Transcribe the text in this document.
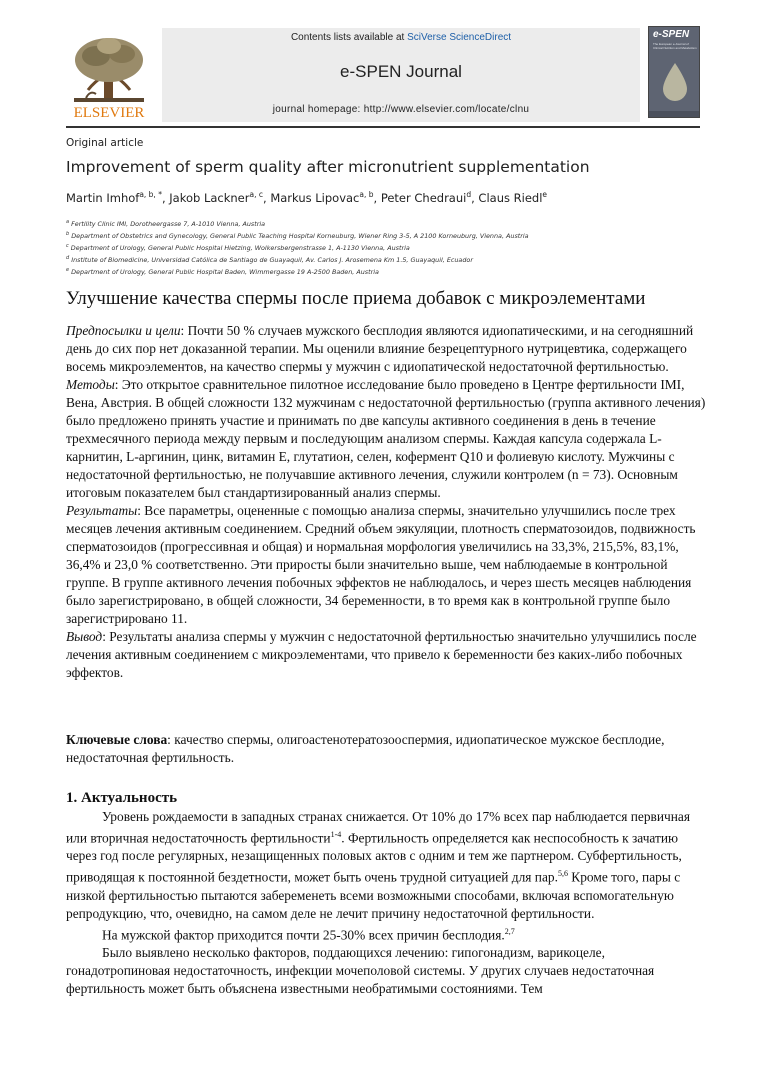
ELSEVIER
Contents lists available at SciVerse ScienceDirect
e-SPEN Journal
journal homepage: http://www.elsevier.com/locate/clnu
e-SPEN
The European e-Journal of Clinical Nutrition and Metabolism
Original article
Improvement of sperm quality after micronutrient supplementation
Martin Imhof$^{a, b, *}$, Jakob Lackner$^{a, c}$, Markus Lipovac$^{a, b}$, Peter Chedraui$^d$, Claus Riedl$^e$
$^a$ Fertility Clinic IMI, Dorotheergasse 7, A-1010 Vienna, Austria
$^b$ Department of Obstetrics and Gynecology, General Public Teaching Hospital Korneuburg, Wiener Ring 3-5, A 2100 Korneuburg, Vienna, Austria
$^c$ Department of Urology, General Public Hospital Hietzing, Wolkersbergenstrasse 1, A-1130 Vienna, Austria
$^d$ Institute of Biomedicine, Universidad Católica de Santiago de Guayaquil, Av. Carlos J. Arosemena Km 1.5, Guayaquil, Ecuador
$^e$ Department of Urology, General Public Hospital Baden, Wimmergasse 19 A-2500 Baden, Austria
Улучшение качества спермы после приема добавок с микроэлементами
Предпосылки и цели: Почти 50 % случаев мужского бесплодия являются идиопатическими, и на сегодняшний день до сих пор нет доказанной терапии. Мы оценили влияние безрецептурного нутрицевтика, содержащего восемь микроэлементов, на качество спермы у мужчин с идиопатической недостаточной фертильностью.
Методы: Это открытое сравнительное пилотное исследование было проведено в Центре фертильности IMI, Вена, Австрия. В общей сложности 132 мужчинам с недостаточной фертильностью (группа активного лечения) было предложено принять участие и принимать по две капсулы активного соединения в день в течение трехмесячного периода между первым и последующим анализом спермы. Каждая капсула содержала L-карнитин, L-аргинин, цинк, витамин E, глутатион, селен, кофермент Q10 и фолиевую кислоту. Мужчины с недостаточной фертильностью, не получавшие активного лечения, служили контролем (n = 73). Основным итоговым показателем был стандартизированный анализ спермы.
Результаты: Все параметры, оцененные с помощью анализа спермы, значительно улучшились после трех месяцев лечения активным соединением. Средний объем эякуляции, плотность сперматозоидов, подвижность сперматозоидов (прогрессивная и общая) и нормальная морфология увеличились на 33,3%, 215,5%, 83,1%, 36,4% и 23,0 % соответственно. Эти приросты были значительно выше, чем наблюдаемые в контрольной группе. В группе активного лечения побочных эффектов не наблюдалось, и через шесть месяцев наблюдения было зарегистрировано, в общей сложности, 34 беременности, в то время как в контрольной группе было зарегистрировано 11.
Вывод: Результаты анализа спермы у мужчин с недостаточной фертильностью значительно улучшились после лечения активным соединением с микроэлементами, что привело к беременности без каких-либо побочных эффектов.
Ключевые слова: качество спермы, олигоастенотератозооспермия, идиопатическое мужское бесплодие, недостаточная фертильность.
1. Актуальность

Уровень рождаемости в западных странах снижается. От 10% до 17% всех пар наблюдается первичная или вторичная недостаточность фертильности$^{1-4}$. Фертильность определяется как неспособность к зачатию через год после регулярных, незащищенных половых актов с одним и тем же партнером. Субфертильность, приводящая к постоянной бездетности, может быть очень трудной ситуацией для пар.$^{5,6}$ Кроме того, пары с низкой фертильностью пытаются забеременеть всеми возможными способами, включая вспомогательную репродукцию, что, очевидно, на самом деле не лечит причину недостаточной фертильности.

На мужской фактор приходится почти 25-30% всех причин бесплодия.$^{2,7}$

Было выявлено несколько факторов, поддающихся лечению: гипогонадизм, варикоцеле, гонадотропиновая недостаточность, инфекции мочеполовой системы. У других случаев недостаточная фертильность может быть объяснена известными необратимыми состояниями. Тем
